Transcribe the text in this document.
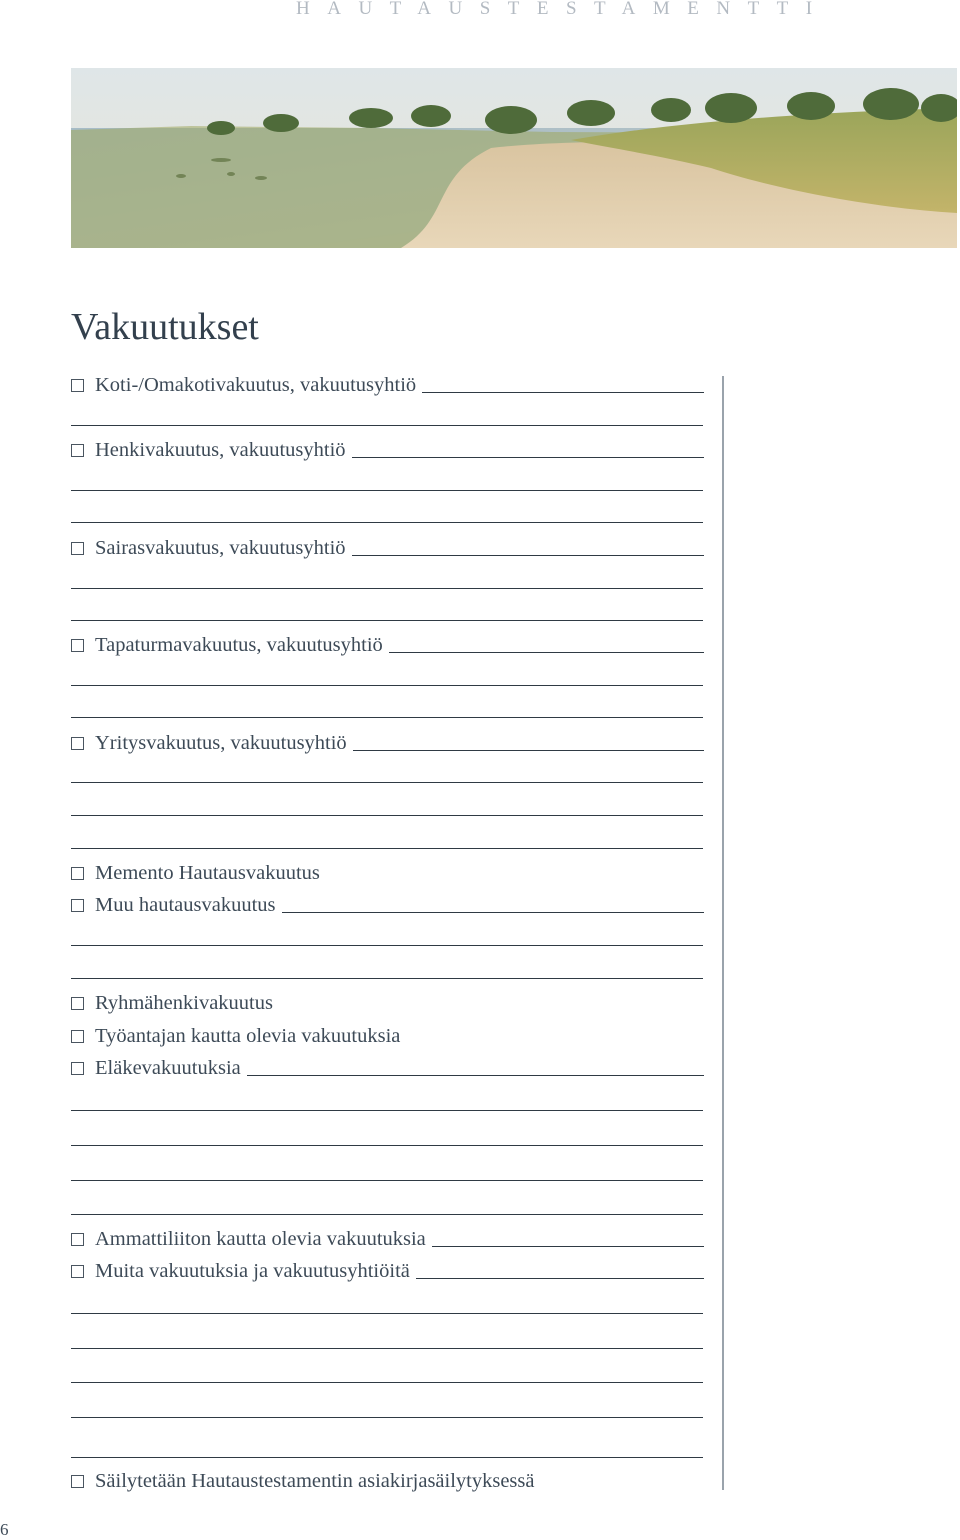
HAUTAUSTESTAMENTTI
Vakuutukset
Koti-/Omakotivakuutus, vakuutusyhtiö
Henkivakuutus, vakuutusyhtiö
Sairasvakuutus, vakuutusyhtiö
Tapaturmavakuutus, vakuutusyhtiö
Yritysvakuutus, vakuutusyhtiö
Memento Hautausvakuutus
Muu hautausvakuutus
Ryhmähenkivakuutus
Työantajan kautta olevia vakuutuksia
Eläkevakuutuksia
Ammattiliiton kautta olevia vakuutuksia
Muita vakuutuksia ja vakuutusyhtiöitä
Säilytetään Hautaustestamentin asiakirjasäilytyksessä
6
